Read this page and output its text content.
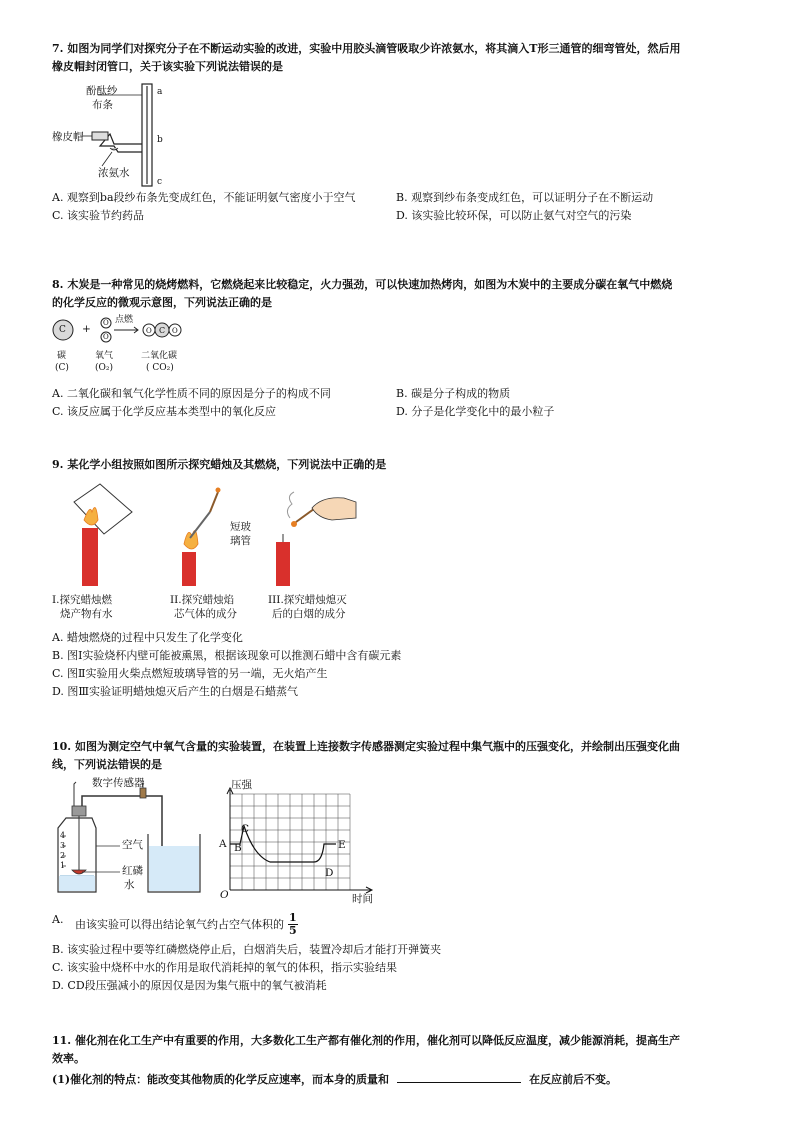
7. 如图为同学们对探究分子在不断运动实验的改进，实验中用胶头滴管吸取少许浓氨水，将其滴入T形三通管的细弯管处，然后用
橡皮帽封闭管口，关于该实验下列说法错误的是
酚酞纱
布条
橡皮帽
浓氨水
a
b
c
A. 观察到ba段纱布条先变成红色，不能证明氨气密度小于空气	B. 观察到纱布条变成红色，可以证明分子在不断运动
C. 该实验节约药品	D. 该实验比较环保，可以防止氨气对空气的污染
8. 木炭是一种常见的烧烤燃料，它燃烧起来比较稳定，火力强劲，可以快速加热烤肉，如图为木炭中的主要成分碳在氧气中燃烧
的化学反应的微观示意图，下列说法正确的是
C + O
O
点燃
O C O
碳
(C)
氧气
(O₂)
二氧化碳
( CO₂)
A. 二氧化碳和氧气化学性质不同的原因是分子的构成不同	B. 碳是分子构成的物质
C. 该反应属于化学反应基本类型中的氧化反应	D. 分子是化学变化中的最小粒子
9. 某化学小组按照如图所示探究蜡烛及其燃烧，下列说法中正确的是
短玻
璃管
I.探究蜡烛燃
烧产物有水
II.探究蜡烛焰
芯气体的成分
III.探究蜡烛熄灭
后的白烟的成分
A. 蜡烛燃烧的过程中只发生了化学变化
B. 图Ⅰ实验烧杯内壁可能被熏黑，根据该现象可以推测石蜡中含有碳元素
C. 图Ⅱ实验用火柴点燃短玻璃导管的另一端，无火焰产生
D. 图Ⅲ实验证明蜡烛熄灭后产生的白烟是石蜡蒸气
10. 如图为测定空气中氧气含量的实验装置，在装置上连接数字传感器测定实验过程中集气瓶中的压强变化，并绘制出压强变化曲
线，下列说法错误的是
数字传感器
空气
红磷
水
4
3
2
1
压强
时间
O
A B
C
D
E
A. 由该实验可以得出结论氧气约占空气体积的 $\frac{1}{5}$
B. 该实验过程中要等红磷燃烧停止后，白烟消失后，装置冷却后才能打开弹簧夹
C. 该实验中烧杯中水的作用是取代消耗掉的氧气的体积，指示实验结果
D. CD段压强减小的原因仅是因为集气瓶中的氧气被消耗
11. 催化剂在化工生产中有重要的作用，大多数化工生产都有催化剂的作用，催化剂可以降低反应温度，减少能源消耗，提高生产
效率。
(1)催化剂的特点：能改变其他物质的化学反应速率，而本身的质量和	在反应前后不变。
